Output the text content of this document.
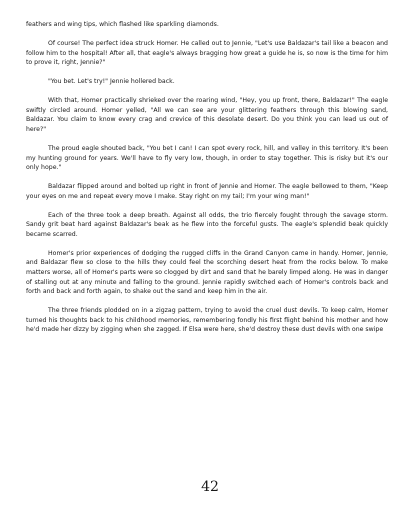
feathers and wing tips, which flashed like sparkling diamonds.

Of course! The perfect idea struck Homer. He called out to Jennie, "Let's use Baldazar's tail like a beacon and follow him to the hospital! After all, that eagle's always bragging how great a guide he is, so now is the time for him to prove it, right, Jennie?"

"You bet. Let's try!" Jennie hollered back.

With that, Homer practically shrieked over the roaring wind, "Hey, you up front, there, Baldazar!" The eagle swiftly circled around. Homer yelled, "All we can see are your glittering feathers through this blowing sand, Baldazar. You claim to know every crag and crevice of this desolate desert. Do you think you can lead us out of here?"

The proud eagle shouted back, "You bet I can! I can spot every rock, hill, and valley in this territory. It's been my hunting ground for years. We'll have to fly very low, though, in order to stay together. This is risky but it's our only hope."

Baldazar flipped around and bolted up right in front of Jennie and Homer. The eagle bellowed to them, "Keep your eyes on me and repeat every move I make. Stay right on my tail; I'm your wing man!"

Each of the three took a deep breath. Against all odds, the trio fiercely fought through the savage storm. Sandy grit beat hard against Baldazar's beak as he flew into the forceful gusts. The eagle's splendid beak quickly became scarred.

Homer's prior experiences of dodging the rugged cliffs in the Grand Canyon came in handy. Homer, Jennie, and Baldazar flew so close to the hills they could feel the scorching desert heat from the rocks below. To make matters worse, all of Homer's parts were so clogged by dirt and sand that he barely limped along. He was in danger of stalling out at any minute and falling to the ground. Jennie rapidly switched each of Homer's controls back and forth and back and forth again, to shake out the sand and keep him in the air.

The three friends plodded on in a zigzag pattern, trying to avoid the cruel dust devils. To keep calm, Homer turned his thoughts back to his childhood memories, remembering fondly his first flight behind his mother and how he'd made her dizzy by zigging when she zagged. If Elsa were here, she'd destroy these dust devils with one swipe

42
